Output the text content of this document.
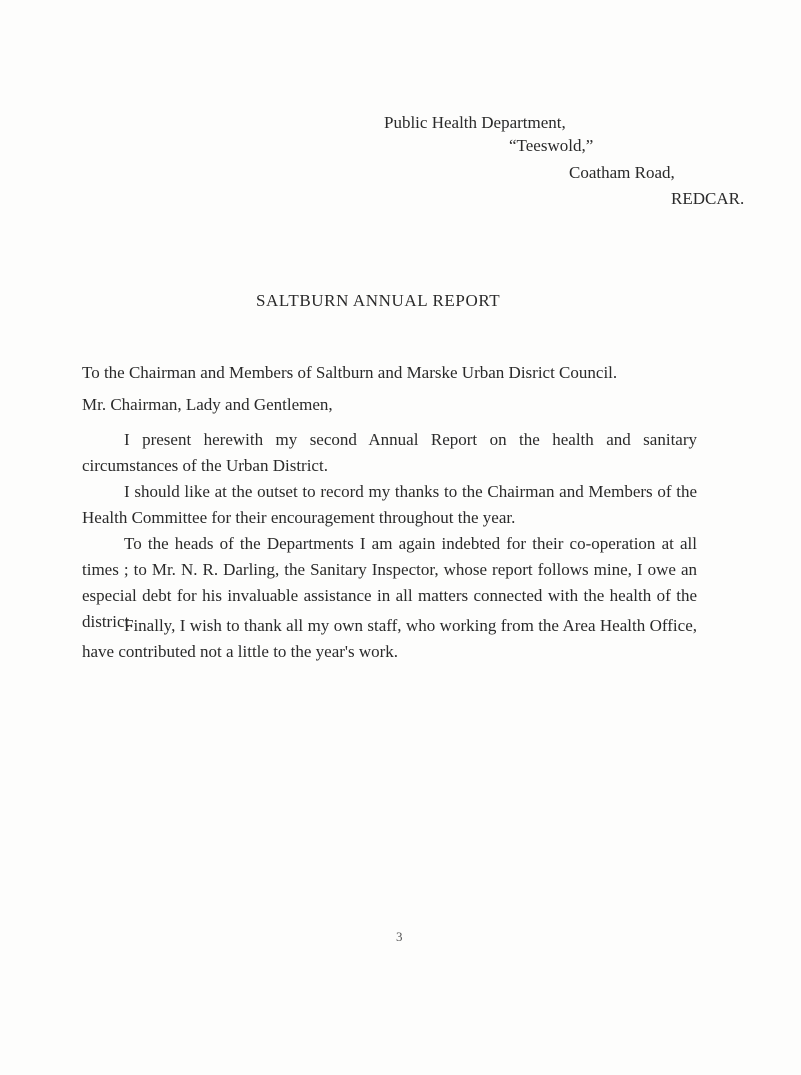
Public Health Department,
“Teeswold,”
Coatham Road,
REDCAR.
SALTBURN ANNUAL REPORT
To the Chairman and Members of Saltburn and Marske Urban Disrict Council.
Mr. Chairman, Lady and Gentlemen,
I present herewith my second Annual Report on the health and sanitary circumstances of the Urban District.
I should like at the outset to record my thanks to the Chairman and Members of the Health Committee for their encouragement throughout the year.
To the heads of the Departments I am again indebted for their co-operation at all times ; to Mr. N. R. Darling, the Sanitary Inspector, whose report follows mine, I owe an especial debt for his invaluable assistance in all matters connected with the health of the district.
Finally, I wish to thank all my own staff, who working from the Area Health Office, have contributed not a little to the year's work.
3
